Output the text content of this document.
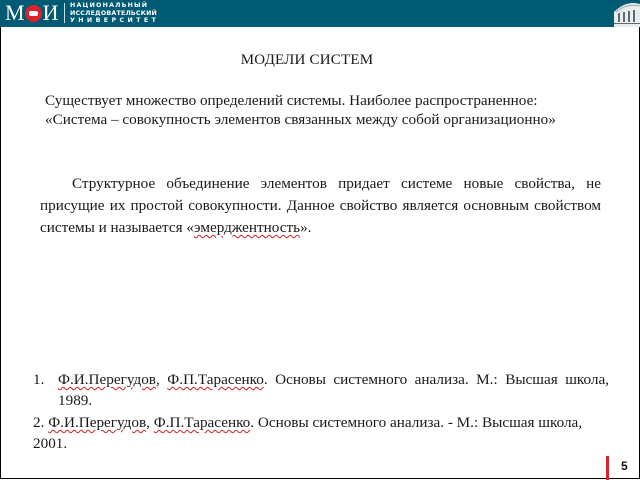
М И НАЦИОНАЛЬНЫЙ
ИССЛЕДОВАТЕЛЬСКИЙ
УНИВЕРСИТЕТ
МОДЕЛИ СИСТЕМ
Существует множество определений системы. Наиболее распространенное:
«Система – совокупность элементов связанных между собой организационно»
Структурное объединение элементов придает системе новые свойства, не присущие их простой совокупности. Данное свойство является основным свойством системы и называется «эмерджентность».
1. Ф.И.Перегудов, Ф.П.Тарасенко. Основы системного анализа. М.: Высшая школа, 1989.
2. Ф.И.Перегудов, Ф.П.Тарасенко. Основы системного анализа. - М.: Высшая школа, 2001.
5
